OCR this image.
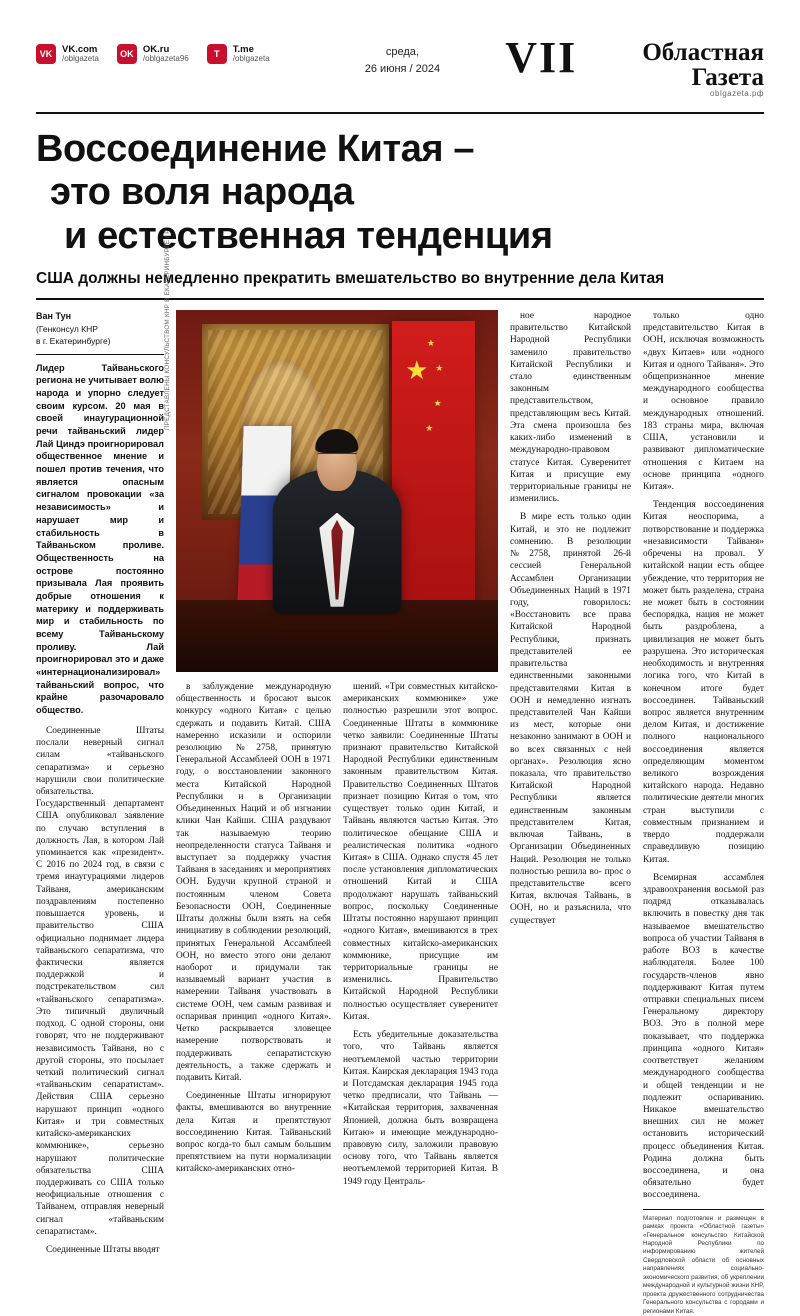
VK	VK.com
/oblgazeta	OK OK.ru
/oblgazeta96	T	T.me
/oblgazeta
среда,
26 июня / 2024 VII	Областная
Газета
oblgazeta.рф
Воссоединение Китая –
это воля народа
и естественная тенденция
США должны немедленно прекратить вмешательство во внутренние дела Китая
Ван Тун
(Генконсул КНР
в г. Екатеринбурге)
Лидер Тайваньского региона не учитывает волю народа и упорно следует своим курсом. 20 мая в своей инаугурационной речи тайваньский лидер Лай Циндэ проигнорировал общественное мнение и пошел против течения, что является опасным сигналом провокации «за независимость» и нарушает мир и стабильность в Тайваньском проливе. Общественность на острове постоянно призывала Лая проявить добрые отношения к материку и поддерживать мир и стабильность по всему Тайваньскому проливу. Лай проигнорировал это и даже «интернационализировал» тайваньский вопрос, что крайне разочаровало общество.

Соединенные Штаты послали неверный сигнал силам «тайваньского сепаратизма» и серьезно нарушили свои политические обязательства. Государственный департамент США опубликовал заявление по случаю вступления в должность Лая, в котором Лай упоминается как «президент». С 2016 по 2024 год, в связи с тремя инаугурациями лидеров Тайваня, американским поздравлениям постепенно повышается уровень, и правительство США официально поднимает лидера тайваньского сепаратизма, что фактически является поддержкой и подстрекательством сил «тайваньского сепаратизма». Это типичный двуличный подход. С одной стороны, они говорят, что не поддерживают независимость Тайваня, но с другой стороны, это посылает четкий политический сигнал «тайваньским сепаратистам». Действия США серьезно нарушают принцип «одного Китая» и три совместных китайско-американских коммюнике», серьезно нарушают политические обязательства США поддерживать со США только неофициальные отношения с Тайванем, отправляя неверный сигнал «тайваньским сепаратистам».

Соединенные Штаты вводят

★
★
★
★
★
ПРЕДСТАВЛЕНЫ КОНСУЛЬСТВОМ КНР В ЕКАТЕРИНБУРГЕ / Р

в заблуждение международную общественность и бросают высок конкурсу «одного Китая» с целью сдержать и подавить Китай. США намеренно исказили и оспорили резолюцию №2758, принятую Генеральной Ассамблеей ООН в 1971 году, о восстановлении законного места Китайской Народной Республики и в Организации Объединенных Наций и об изгнании клики Чан Кайши. США раздувают так называемую теорию неопределенности статуса Тайваня и выступает за поддержку участия Тайваня в заседаниях и мероприятиях ООН. Будучи крупной страной и постоянным членом Совета Безопасности ООН, Соединенные Штаты должны были взять на себя инициативу в соблюдении резолюций, принятых Генеральной Ассамблеей ООН, но вместо этого они делают наоборот и придумали так называемый вариант участия в намерении Тайваня участвовать в системе ООН, чем самым развивая и оспаривая принцип «одного Китая». Четко раскрывается зловещее намерение потворствовать и поддерживать сепаратистскую деятельность, а также сдержать и подавить Китай.

Соединенные Штаты игнорируют факты, вмешиваются во внутренние дела Китая и препятствуют воссоединению Китая. Тайваньский вопрос когда-то был самым большим препятствием на пути нормализации китайско-американских отно-

шений. «Три совместных китайско-американских коммюнике» уже полностью разрешили этот вопрос. Соединенные Штаты в коммюнике четко заявили: Соединенные Штаты признают правительство Китайской Народной Республики единственным законным правительством Китая. Правительство Соединенных Штатов признает позицию Китая о том, что существует только один Китай, и Тайвань являются частью Китая. Это политическое обещание США и реалистическая политика «одного Китая» в США. Однако спустя 45 лет после установления дипломатических отношений Китай и США продолжают нарушать тайваньский вопрос, поскольку Соединенные Штаты постоянно нарушают принцип «одного Китая», вмешиваются в трех совместных китайско-американских коммюнике, присущие им территориальные границы не изменились. Правительство Китайской Народной Республики полностью осуществляет суверенитет Китая.

Есть убедительные доказательства того, что Тайвань является неотъемлемой частью территории Китая. Каирская декларация 1943 года и Потсдамская декларация 1945 года четко предписали, что Тайвань — «Китайская территория, захваченная Японией, должна быть возвращена Китаю» и имеющие международно-правовую силу, заложили правовую основу того, что Тайвань является неотъемлемой территорией Китая. В 1949 году Централь-

ное народное правительство Китайской Народной Республики заменило правительство Китайской Республики и стало единственным законным представительством, представляющим весь Китай. Эта смена произошла без каких-либо изменений в международно-правовом статусе Китая. Суверенитет Китая и присущие ему территориальные границы не изменились.

В мире есть только один Китай, и это не подлежит сомнению. В резолюции №2758, принятой 26-й сессией Генеральной Ассамблеи Организации Объединенных Наций в 1971 году, говорилось: «Восстановить все права Китайской Народной Республики, признать представителей ее правительства единственными законными представителями Китая в ООН и немедленно изгнать представителей Чан Кайши из мест, которые они незаконно занимают в ООН и во всех связанных с ней органах». Резолюция ясно показала, что правительство Китайской Народной Республики является единственным законным представителем Китая, включая Тайвань, в Организации Объединенных Наций. Резолюция не только полностью решила во- прос о представительстве всего Китая, включая Тайвань, в ООН, но и разъяснила, что существует

только одно представительство Китая в ООН, исключая возможность «двух Китаев» или «одного Китая и одного Тайваня». Это общепризнанное мнение международного сообщества и основное правило международных отношений. 183 страны мира, включая США, установили и развивают дипломатические отношения с Китаем на основе принципа «одного Китая».

Тенденция воссоединения Китая неоспорима, а потворствование и поддержка «независимости Тайваня» обречены на провал. У китайской нации есть общее убеждение, что территория не может быть разделена, страна не может быть в состоянии беспорядка, нация не может быть раздроблена, а цивилизация не может быть разрушена. Это историческая необходимость и внутренняя логика того, что Китай в конечном итоге будет воссоединен. Тайваньский вопрос является внутренним делом Китая, и достижение полного национального воссоединения является определяющим моментом великого возрождения китайского народа. Недавно политические деятели многих стран выступили с совместным признанием и твердо поддержали справедливую позицию Китая.

Всемирная ассамблея здравоохранения восьмой раз подряд отказывалась включить в повестку дня так называемое вмешательство вопроса об участии Тайваня в работе ВОЗ в качестве наблюдателя. Более 100 государств-членов явно поддерживают Китая путем отправки специальных писем Генеральному директору ВОЗ. Это в полной мере показывает, что поддержка принципа «одного Китая» соответствует желаниям международного сообщества и общей тенденции и не подлежит оспариванию. Никакое вмешательство внешних сил не может остановить исторический процесс объединения Китая. Родина должна быть воссоединена, и она обязательно будет воссоединена.

Материал подготовлен и размещен в рамках проекта «Областной газеты» «Генеральное консульство Китайской Народной Республики по информированию жителей Свердловской области об основных направлениях социально-экономического развития, об укреплении международной и культурной жизни КНР, проекта дружественного сотрудничества Генерального консульства с городами и регионами Китая.
